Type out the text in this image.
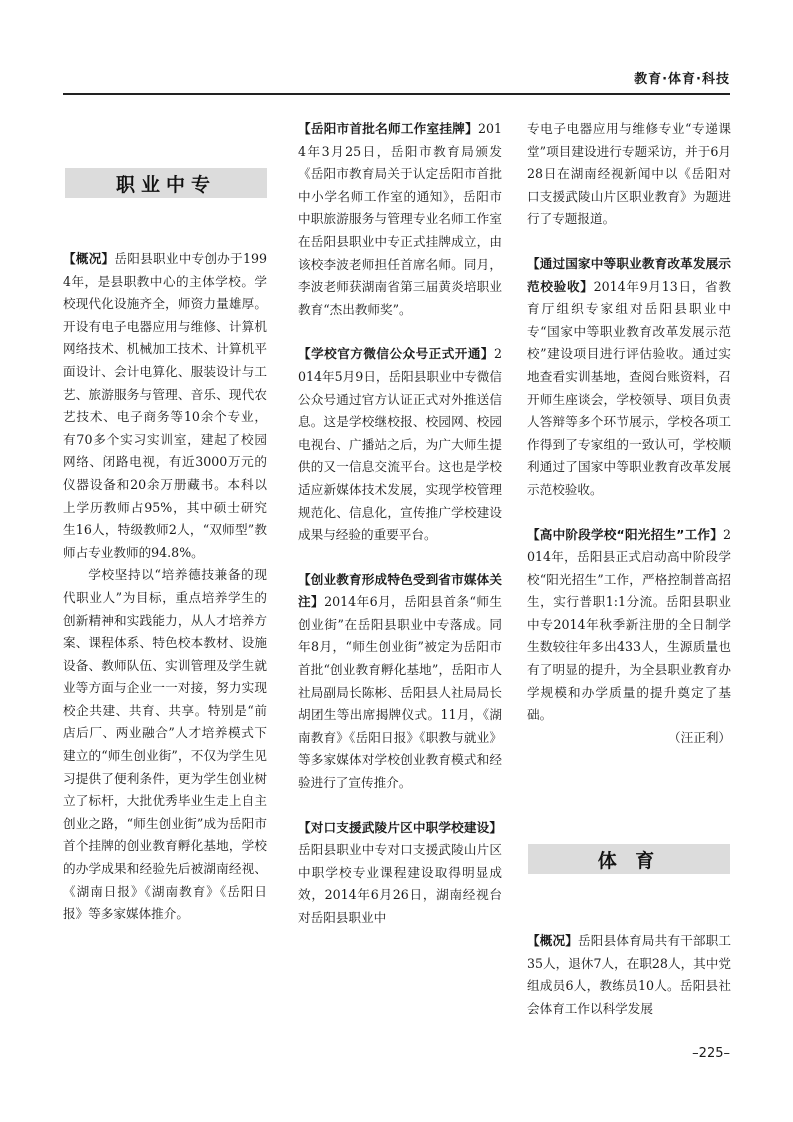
教育·体育·科技
职业中专

【概况】岳阳县职业中专创办于1994年，是县职教中心的主体学校。学校现代化设施齐全，师资力量雄厚。开设有电子电器应用与维修、计算机网络技术、机械加工技术、计算机平面设计、会计电算化、服装设计与工艺、旅游服务与管理、音乐、现代农艺技术、电子商务等10余个专业，有70多个实习实训室，建起了校园网络、闭路电视，有近3000万元的仪器设备和20余万册藏书。本科以上学历教师占95%，其中硕士研究生16人，特级教师2人，“双师型”教师占专业教师的94.8%。

学校坚持以“培养德技兼备的现代职业人”为目标，重点培养学生的创新精神和实践能力，从人才培养方案、课程体系、特色校本教材、设施设备、教师队伍、实训管理及学生就业等方面与企业一一对接，努力实现校企共建、共育、共享。特别是“前店后厂、两业融合”人才培养模式下建立的“师生创业街”，不仅为学生见习提供了便利条件，更为学生创业树立了标杆，大批优秀毕业生走上自主创业之路，“师生创业街”成为岳阳市首个挂牌的创业教育孵化基地，学校的办学成果和经验先后被湖南经视、《湖南日报》《湖南教育》《岳阳日报》等多家媒体推介。

【岳阳市首批名师工作室挂牌】2014年3月25日，岳阳市教育局颁发《岳阳市教育局关于认定岳阳市首批中小学名师工作室的通知》，岳阳市中职旅游服务与管理专业名师工作室在岳阳县职业中专正式挂牌成立，由该校李波老师担任首席名师。同月，李波老师获湖南省第三届黄炎培职业教育“杰出教师奖”。

【学校官方微信公众号正式开通】2014年5月9日，岳阳县职业中专微信公众号通过官方认证正式对外推送信息。这是学校继校报、校园网、校园电视台、广播站之后，为广大师生提供的又一信息交流平台。这也是学校适应新媒体技术发展，实现学校管理规范化、信息化，宣传推广学校建设成果与经验的重要平台。

【创业教育形成特色受到省市媒体关注】2014年6月，岳阳县首条“师生创业街”在岳阳县职业中专落成。同年8月，“师生创业街”被定为岳阳市首批“创业教育孵化基地”，岳阳市人社局副局长陈彬、岳阳县人社局局长胡团生等出席揭牌仪式。11月，《湖南教育》《岳阳日报》《职教与就业》等多家媒体对学校创业教育模式和经验进行了宣传推介。

【对口支援武陵片区中职学校建设】岳阳县职业中专对口支援武陵山片区中职学校专业课程建设取得明显成效，2014年6月26日，湖南经视台对岳阳县职业中

专电子电器应用与维修专业“专递课堂”项目建设进行专题采访，并于6月28日在湖南经视新闻中以《岳阳对口支援武陵山片区职业教育》为题进行了专题报道。

【通过国家中等职业教育改革发展示范校验收】2014年9月13日，省教育厅组织专家组对岳阳县职业中专“国家中等职业教育改革发展示范校”建设项目进行评估验收。通过实地查看实训基地，查阅台账资料，召开师生座谈会，学校领导、项目负责人答辩等多个环节展示，学校各项工作得到了专家组的一致认可，学校顺利通过了国家中等职业教育改革发展示范校验收。

【高中阶段学校“阳光招生”工作】2014年，岳阳县正式启动高中阶段学校“阳光招生”工作，严格控制普高招生，实行普职1:1分流。岳阳县职业中专2014年秋季新注册的全日制学生数较往年多出433人，生源质量也有了明显的提升，为全县职业教育办学规模和办学质量的提升奠定了基础。

（汪正利）

体 育

【概况】岳阳县体育局共有干部职工35人，退休7人，在职28人，其中党组成员6人，教练员10人。岳阳县社会体育工作以科学发展

–225–
